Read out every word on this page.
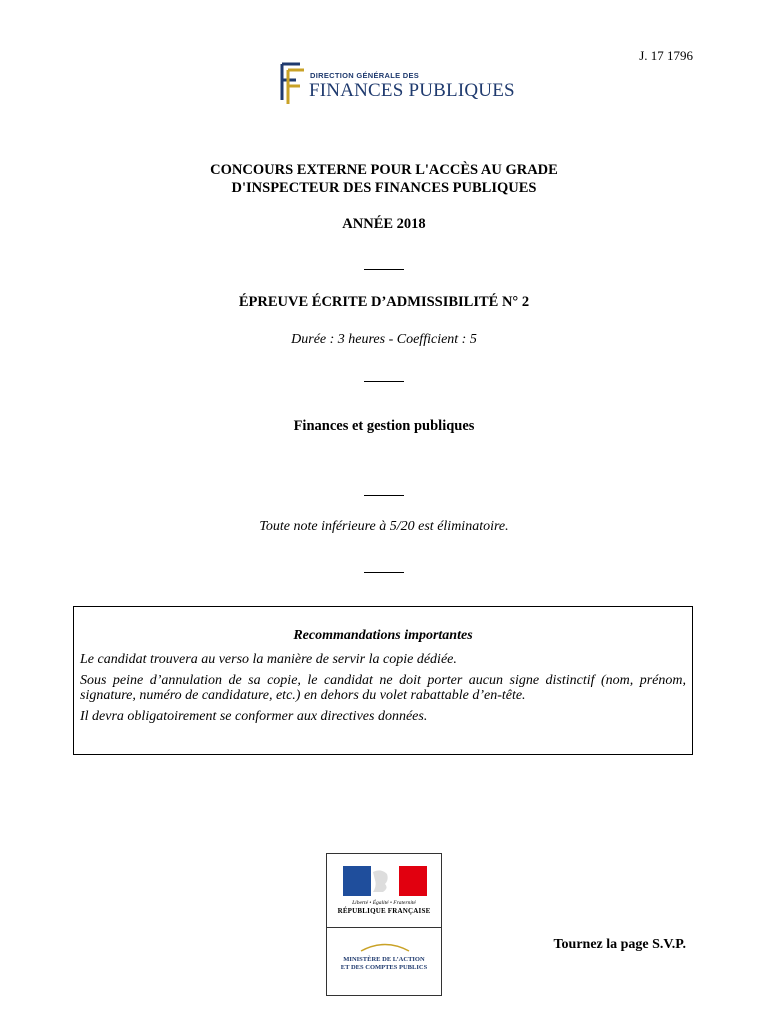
J. 17 1796
DIRECTION GÉNÉRALE DES
FINANCES PUBLIQUES
CONCOURS EXTERNE POUR L'ACCÈS AU GRADE
D'INSPECTEUR DES FINANCES PUBLIQUES
ANNÉE 2018
ÉPREUVE ÉCRITE D’ADMISSIBILITÉ N° 2
Durée : 3 heures - Coefficient : 5
Finances et gestion publiques
Toute note inférieure à 5/20 est éliminatoire.
Recommandations importantes

Le candidat trouvera au verso la manière de servir la copie dédiée.

Sous peine d’annulation de sa copie, le candidat ne doit porter aucun signe distinctif (nom, prénom, signature, numéro de candidature, etc.) en dehors du volet rabattable d’en-tête.

Il devra obligatoirement se conformer aux directives données.

Liberté • Égalité • Fraternité
RÉPUBLIQUE FRANÇAISE
MINISTÈRE DE L’ACTION
ET DES COMPTES PUBLICS
Tournez la page S.V.P.
